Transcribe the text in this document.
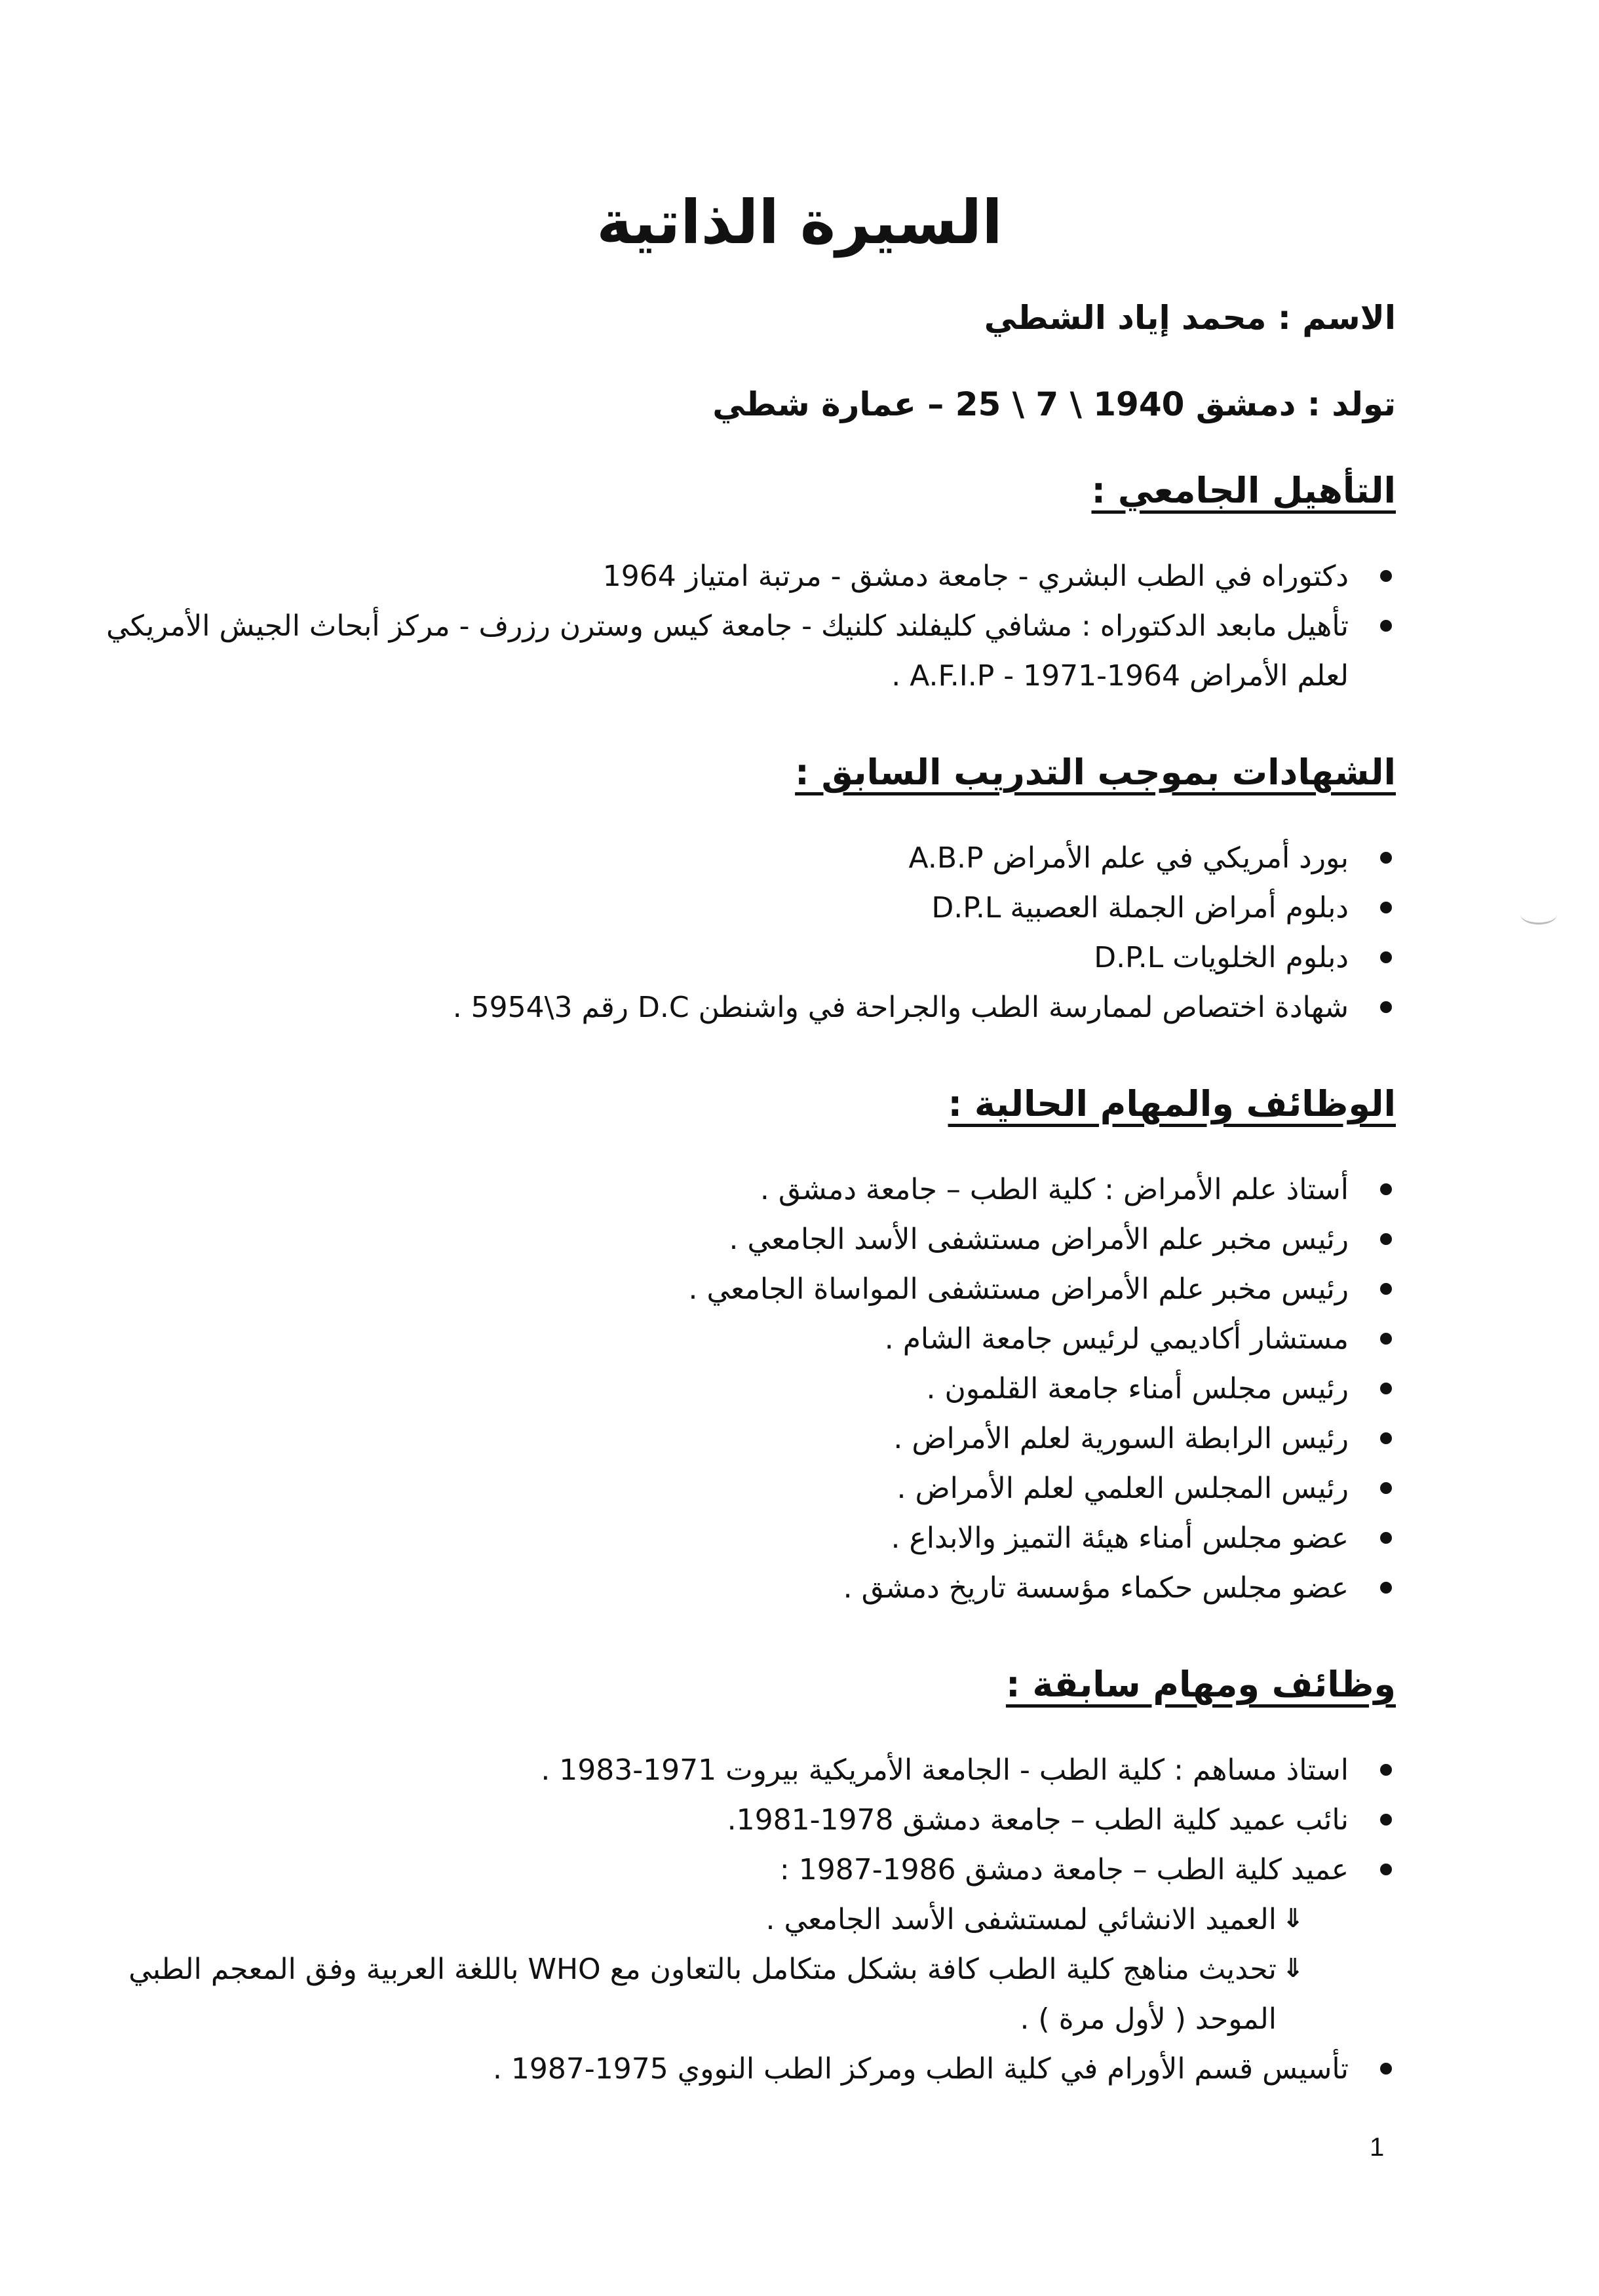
السيرة الذاتية

الاسم : محمد إياد الشطي

تولد : دمشق 1940 \ 7 \ 25 – عمارة شطي

التأهيل الجامعي :
دكتوراه في الطب البشري - جامعة دمشق - مرتبة امتياز 1964
تأهيل مابعد الدكتوراه : مشافي كليفلند كلنيك - جامعة كيس وسترن رزرف - مركز أبحاث الجيش الأمريكي لعلم الأمراض A.F.I.P - 1971-1964 .
الشهادات بموجب التدريب السابق :
بورد أمريكي في علم الأمراض A.B.P
دبلوم أمراض الجملة العصبية D.P.L
دبلوم الخلويات D.P.L
شهادة اختصاص لممارسة الطب والجراحة في واشنطن D.C رقم 3\5954 .
الوظائف والمهام الحالية :
أستاذ علم الأمراض : كلية الطب – جامعة دمشق .
رئيس مخبر علم الأمراض مستشفى الأسد الجامعي .
رئيس مخبر علم الأمراض مستشفى المواساة الجامعي .
مستشار أكاديمي لرئيس جامعة الشام .
رئيس مجلس أمناء جامعة القلمون .
رئيس الرابطة السورية لعلم الأمراض .
رئيس المجلس العلمي لعلم الأمراض .
عضو مجلس أمناء هيئة التميز والابداع .
عضو مجلس حكماء مؤسسة تاريخ دمشق .
وظائف ومهام سابقة :
استاذ مساهم : كلية الطب - الجامعة الأمريكية بيروت 1971-1983 .
نائب عميد كلية الطب – جامعة دمشق 1978-1981.
عميد كلية الطب – جامعة دمشق 1986-1987 :
⇓
العميد الانشائي لمستشفى الأسد الجامعي .
⇓
تحديث مناهج كلية الطب كافة بشكل متكامل بالتعاون مع WHO باللغة العربية وفق المعجم الطبي الموحد ( لأول مرة ) .
تأسيس قسم الأورام في كلية الطب ومركز الطب النووي 1975-1987 .
1
